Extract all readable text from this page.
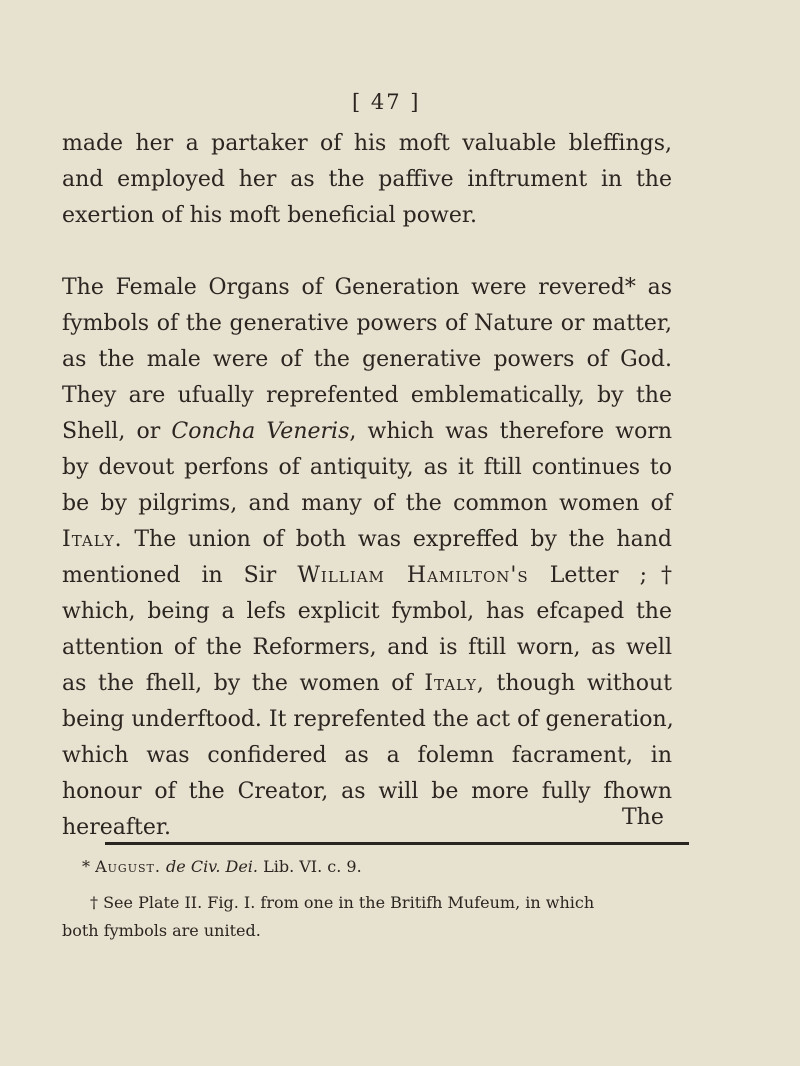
[ 47 ]
made her a partaker of his moft valuable bleffings,
and employed her as the paffive inftrument in the
exertion of his moft beneficial power.
The Female Organs of Generation were revered* as
fymbols of the generative powers of Nature or matter,
as the male were of the generative powers of God.
They are ufually reprefented emblematically, by the
Shell, or Concha Veneris, which was therefore worn
by devout perfons of antiquity, as it ftill continues to
be by pilgrims, and many of the common women of
Italy. The union of both was expreffed by the hand
mentioned in Sir William Hamilton's Letter ;†
which, being a lefs explicit fymbol, has efcaped the
attention of the Reformers, and is ftill worn, as well
as the fhell, by the women of Italy, though without
being underftood. It reprefented the act of generation,
which was confidered as a folemn facrament, in
honour of the Creator, as will be more fully fhown
hereafter.	The
* August. de Civ. Dei. Lib. VI. c. 9.
† See Plate II. Fig. I. from one in the Britifh Mufeum, in which
both fymbols are united.
